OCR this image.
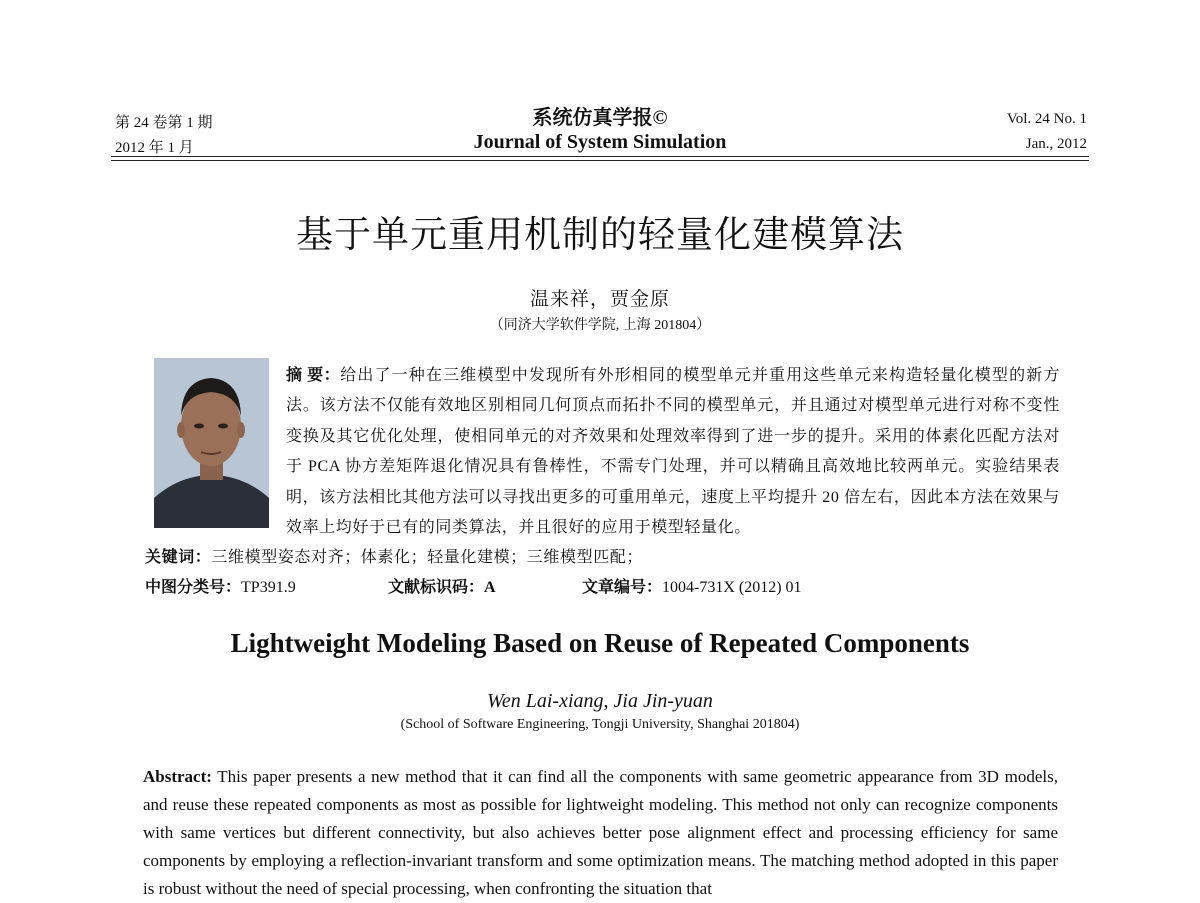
第 24 卷第 1 期
2012 年 1 月
系统仿真学报©
Journal of System Simulation
Vol. 24 No. 1
Jan., 2012
基于单元重用机制的轻量化建模算法
温来祥，贾金原
（同济大学软件学院, 上海 201804）
摘 要：给出了一种在三维模型中发现所有外形相同的模型单元并重用这些单元来构造轻量化模型的新方法。该方法不仅能有效地区别相同几何顶点而拓扑不同的模型单元，并且通过对模型单元进行对称不变性变换及其它优化处理，使相同单元的对齐效果和处理效率得到了进一步的提升。采用的体素化匹配方法对于 PCA 协方差矩阵退化情况具有鲁棒性，不需专门处理，并可以精确且高效地比较两单元。实验结果表明，该方法相比其他方法可以寻找出更多的可重用单元，速度上平均提升 20 倍左右，因此本方法在效果与效率上均好于已有的同类算法，并且很好的应用于模型轻量化。
关键词：三维模型姿态对齐；体素化；轻量化建模；三维模型匹配；
中图分类号：TP391.9	文献标识码：A	文章编号：1004-731X (2012) 01
Lightweight Modeling Based on Reuse of Repeated Components
Wen Lai-xiang, Jia Jin-yuan
(School of Software Engineering, Tongji University, Shanghai 201804)
Abstract: This paper presents a new method that it can find all the components with same geometric appearance from 3D models, and reuse these repeated components as most as possible for lightweight modeling. This method not only can recognize components with same vertices but different connectivity, but also achieves better pose alignment effect and processing efficiency for same components by employing a reflection-invariant transform and some optimization means. The matching method adopted in this paper is robust without the need of special processing, when confronting the situation that
